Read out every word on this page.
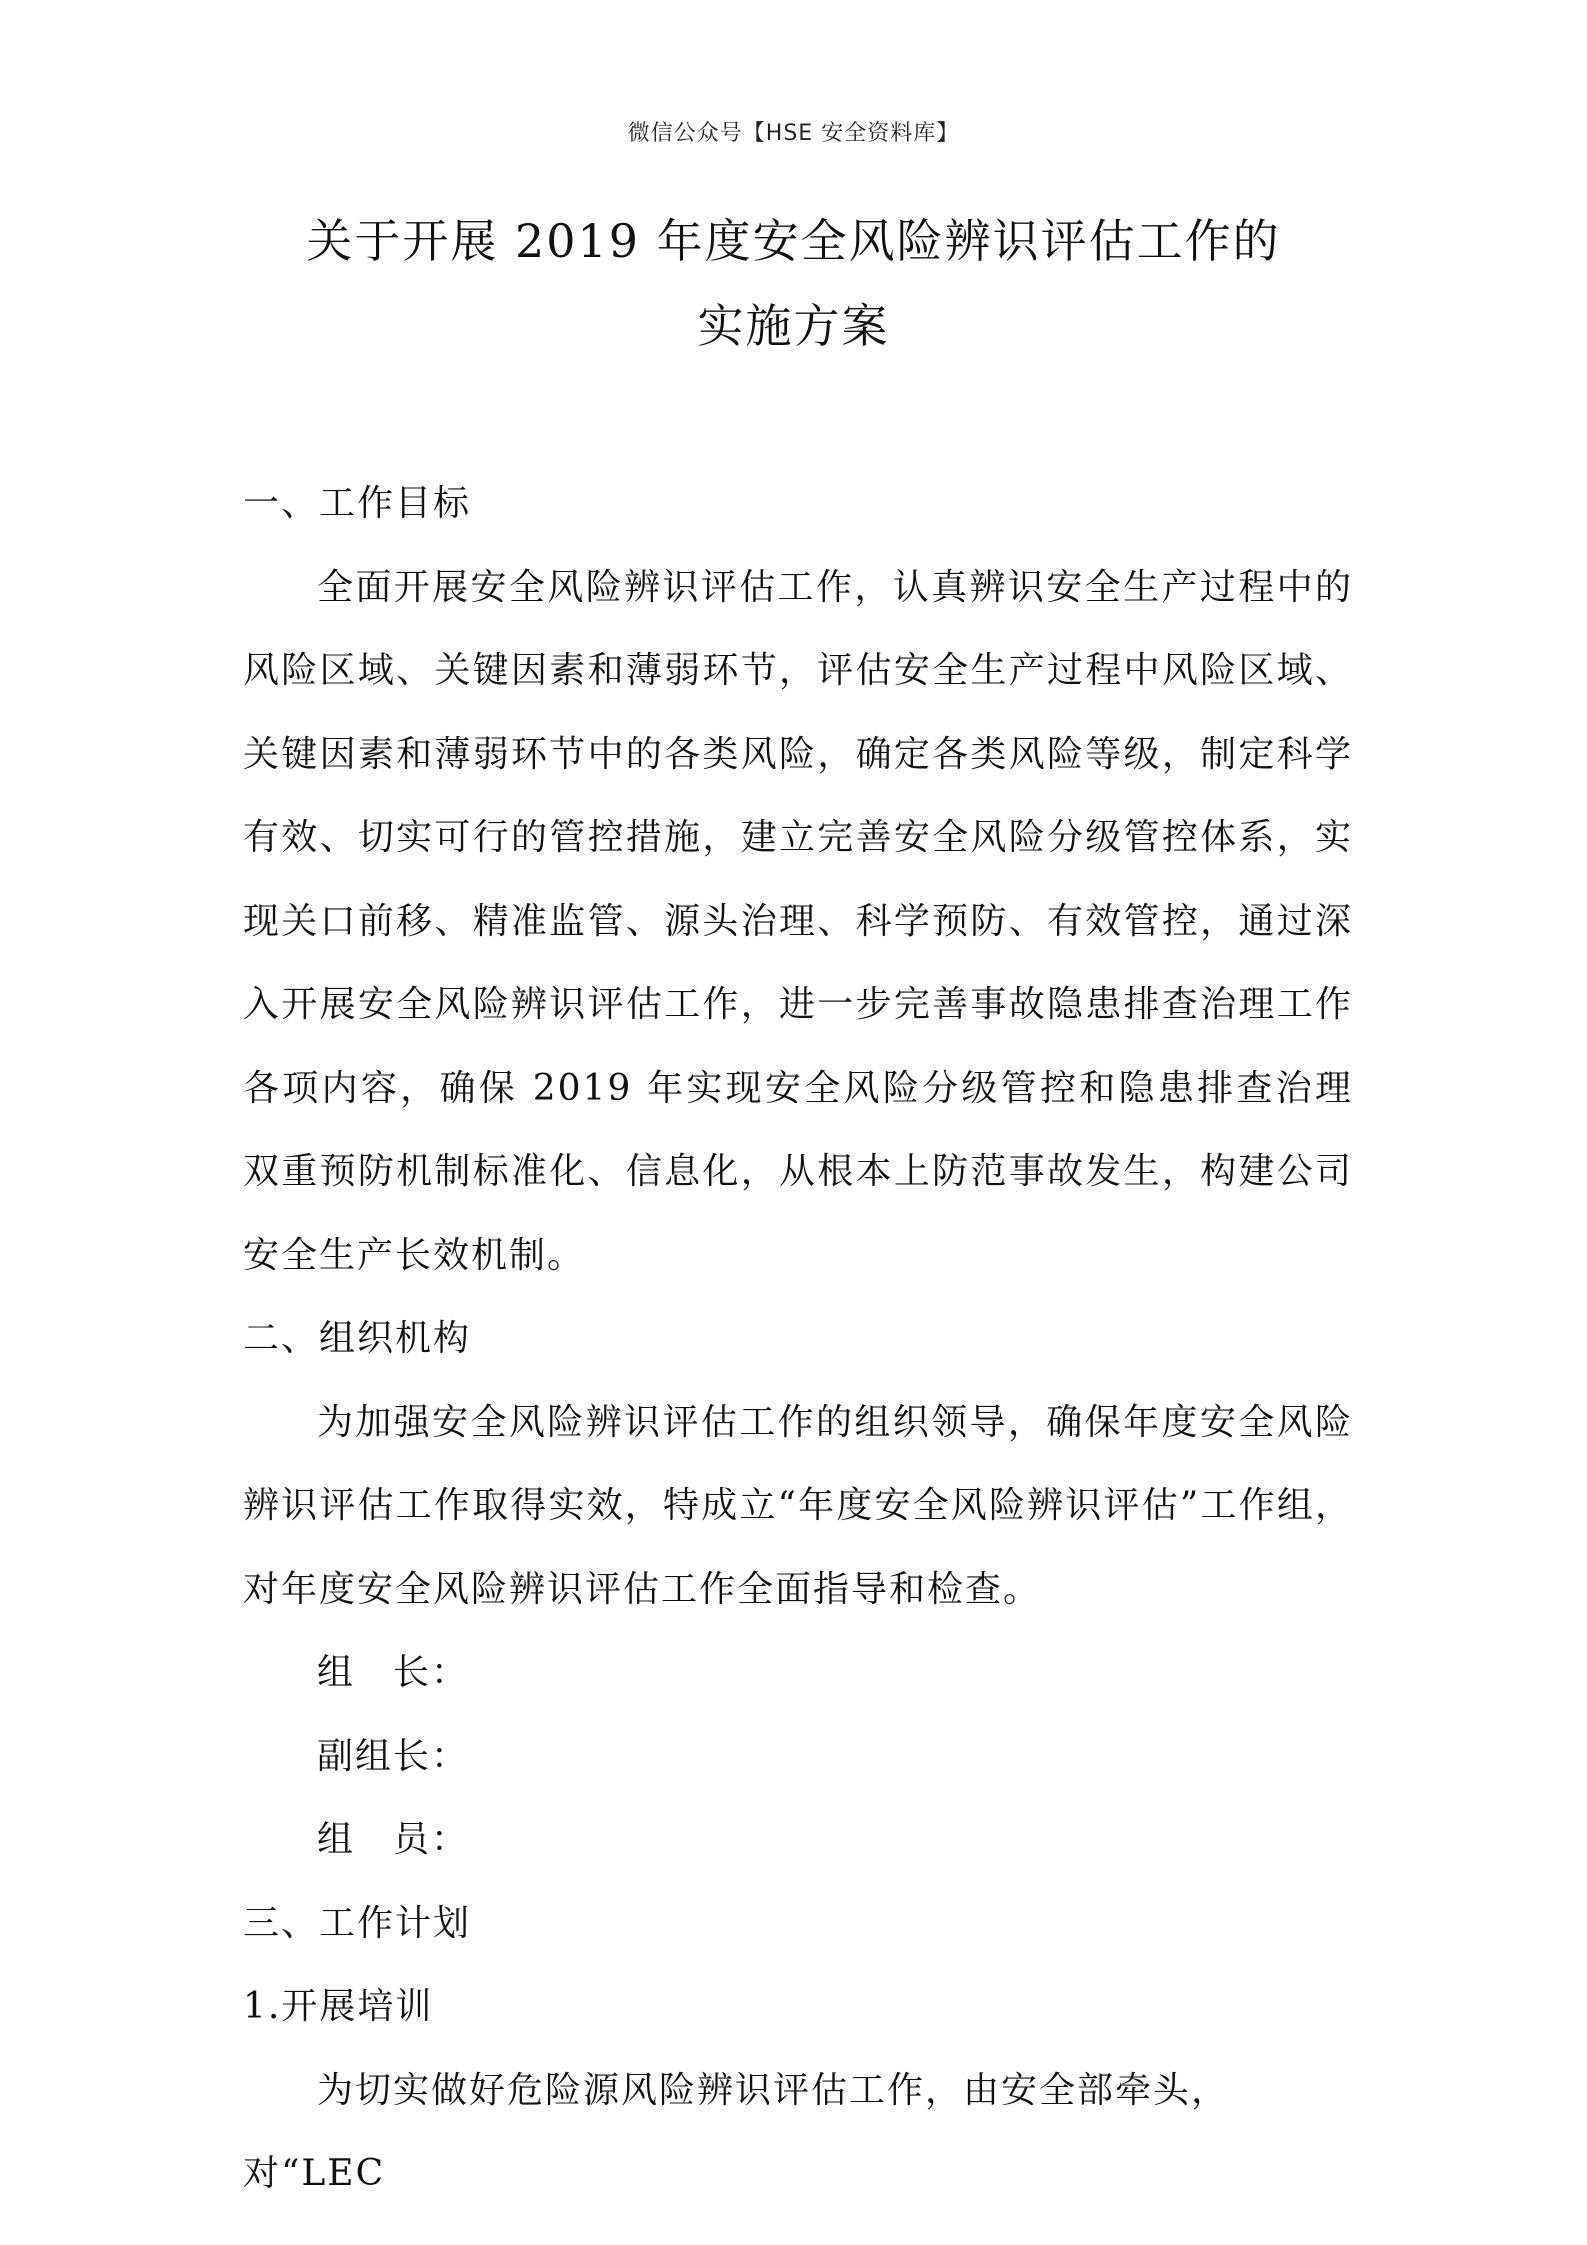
微信公众号【HSE 安全资料库】
关于开展 2019 年度安全风险辨识评估工作的
实施方案

一、工作目标

全面开展安全风险辨识评估工作，认真辨识安全生产过程中的风险区域、关键因素和薄弱环节，评估安全生产过程中风险区域、关键因素和薄弱环节中的各类风险，确定各类风险等级，制定科学有效、切实可行的管控措施，建立完善安全风险分级管控体系，实现关口前移、精准监管、源头治理、科学预防、有效管控，通过深入开展安全风险辨识评估工作，进一步完善事故隐患排查治理工作各项内容，确保 2019 年实现安全风险分级管控和隐患排查治理双重预防机制标准化、信息化，从根本上防范事故发生，构建公司安全生产长效机制。

二、组织机构

为加强安全风险辨识评估工作的组织领导，确保年度安全风险辨识评估工作取得实效，特成立“年度安全风险辨识评估”工作组，对年度安全风险辨识评估工作全面指导和检查。

组　长：

副组长：

组　员：

三、工作计划

1.开展培训

为切实做好危险源风险辨识评估工作，由安全部牵头，对“LEC
